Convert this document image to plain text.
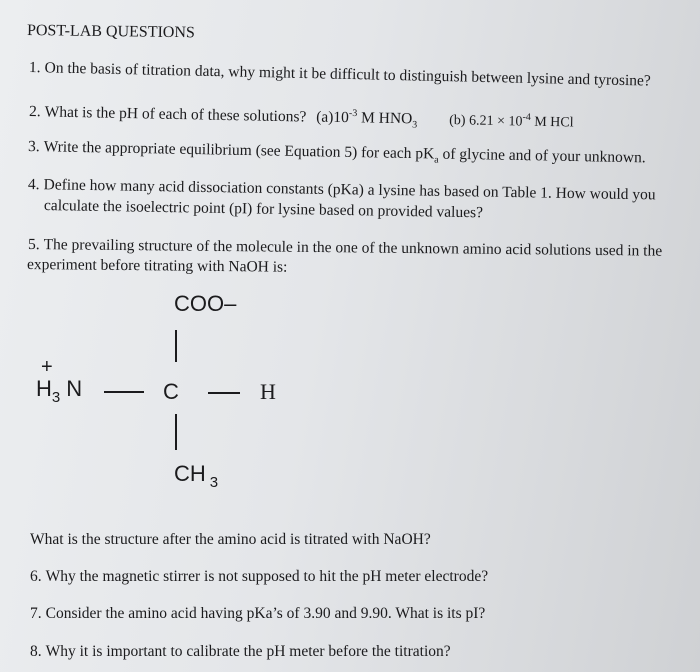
POST-LAB QUESTIONS
1. On the basis of titration data, why might it be difficult to distinguish between lysine and tyrosine?
2. What is the pH of each of these solutions? $(a)10^{-3}$ M $HNO_3$ (b) $6.21 \times 10^{-4}$ M HCl
3. Write the appropriate equilibrium (see Equation 5) for each $pK_a$ of glycine and of your unknown.
4. Define how many acid dissociation constants (pKa) a lysine has based on Table 1. How would you
calculate the isoelectric point (pI) for lysine based on provided values?
5. The prevailing structure of the molecule in the one of the unknown amino acid solutions used in the
experiment before titrating with NaOH is:
COO–
+
$H_3$ N	C	H
CH $_3$
What is the structure after the amino acid is titrated with NaOH?
6. Why the magnetic stirrer is not supposed to hit the pH meter electrode?
7. Consider the amino acid having pKa’s of 3.90 and 9.90. What is its pI?
8. Why it is important to calibrate the pH meter before the titration?
